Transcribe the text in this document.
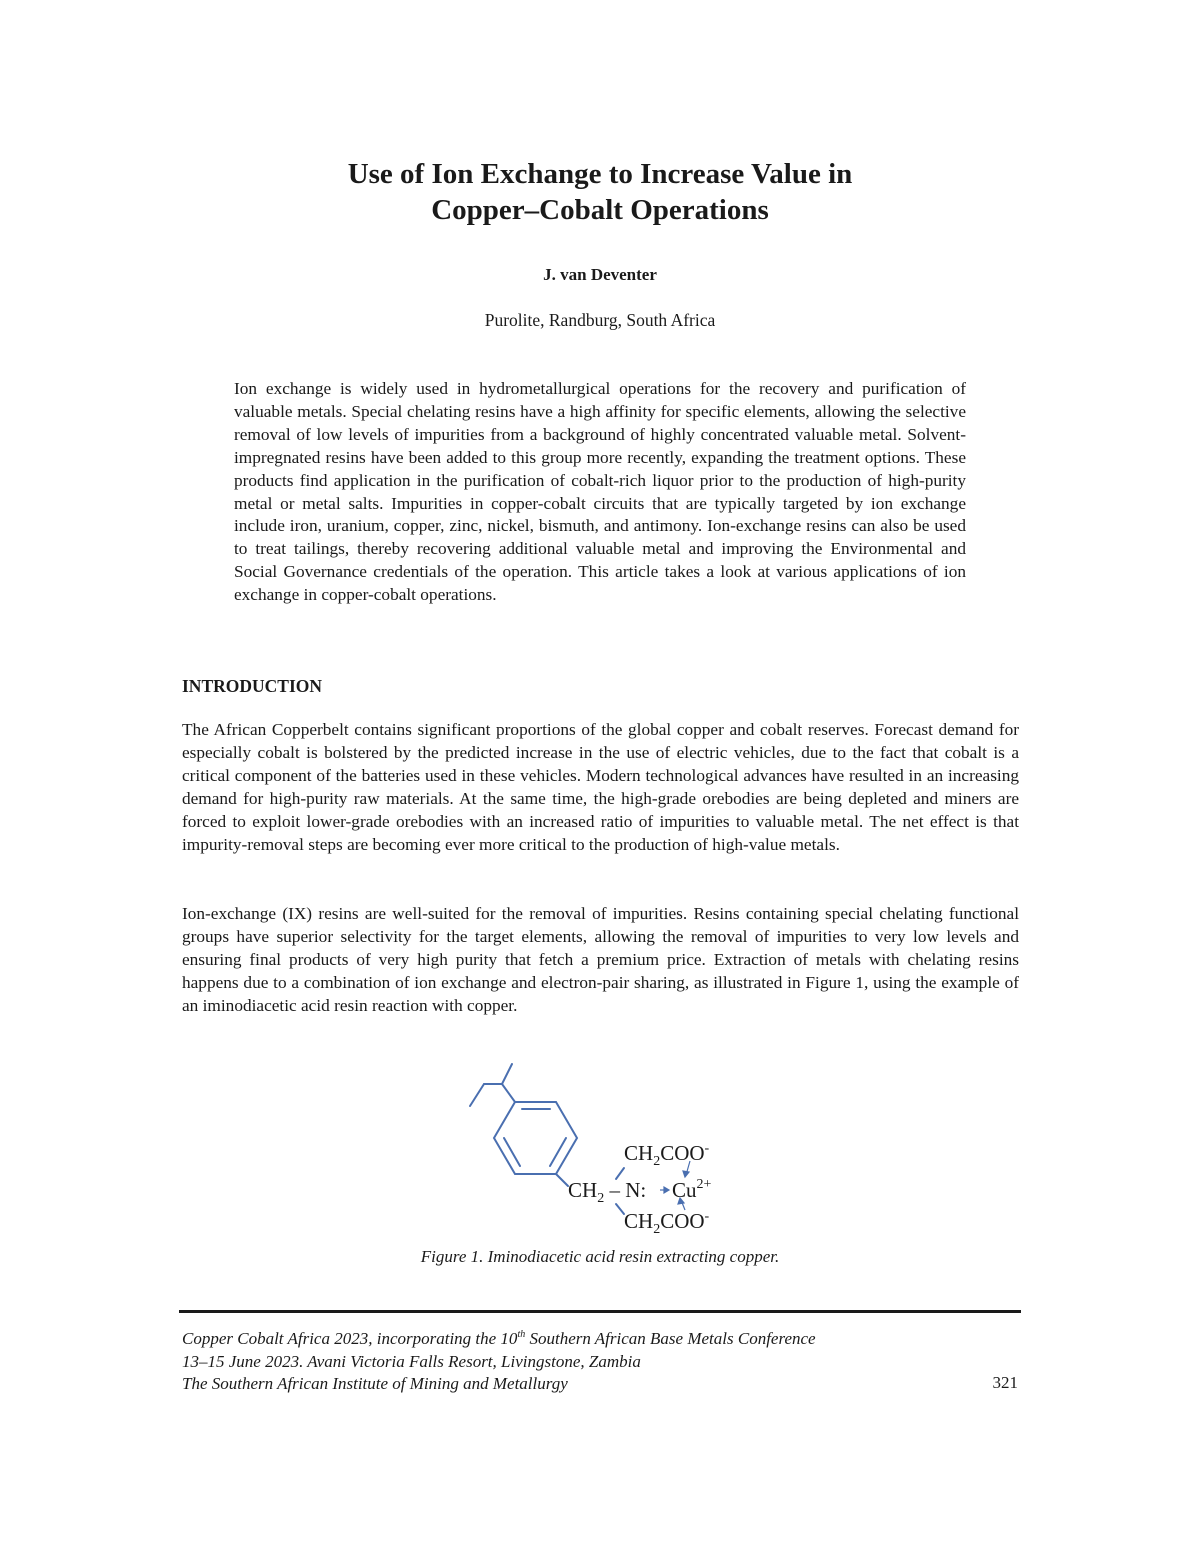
Use of Ion Exchange to Increase Value in
Copper–Cobalt Operations
J. van Deventer
Purolite, Randburg, South Africa
Ion exchange is widely used in hydrometallurgical operations for the recovery and purification of valuable metals. Special chelating resins have a high affinity for specific elements, allowing the selective removal of low levels of impurities from a background of highly concentrated valuable metal. Solvent-impregnated resins have been added to this group more recently, expanding the treatment options. These products find application in the purification of cobalt-rich liquor prior to the production of high-purity metal or metal salts. Impurities in copper-cobalt circuits that are typically targeted by ion exchange include iron, uranium, copper, zinc, nickel, bismuth, and antimony. Ion-exchange resins can also be used to treat tailings, thereby recovering additional valuable metal and improving the Environmental and Social Governance credentials of the operation. This article takes a look at various applications of ion exchange in copper-cobalt operations.
INTRODUCTION
The African Copperbelt contains significant proportions of the global copper and cobalt reserves. Forecast demand for especially cobalt is bolstered by the predicted increase in the use of electric vehicles, due to the fact that cobalt is a critical component of the batteries used in these vehicles. Modern technological advances have resulted in an increasing demand for high-purity raw materials. At the same time, the high-grade orebodies are being depleted and miners are forced to exploit lower-grade orebodies with an increased ratio of impurities to valuable metal. The net effect is that impurity-removal steps are becoming ever more critical to the production of high-value metals.
Ion-exchange (IX) resins are well-suited for the removal of impurities. Resins containing special chelating functional groups have superior selectivity for the target elements, allowing the removal of impurities to very low levels and ensuring final products of very high purity that fetch a premium price. Extraction of metals with chelating resins happens due to a combination of ion exchange and electron-pair sharing, as illustrated in Figure 1, using the example of an iminodiacetic acid resin reaction with copper.
$CH_2COO^-$
$CH_2$ – N: $Cu^{2+}$
$CH_2COO^-$
Figure 1. Iminodiacetic acid resin extracting copper.
Copper Cobalt Africa 2023, incorporating the 10th Southern African Base Metals Conference
13–15 June 2023. Avani Victoria Falls Resort, Livingstone, Zambia
The Southern African Institute of Mining and Metallurgy	321
